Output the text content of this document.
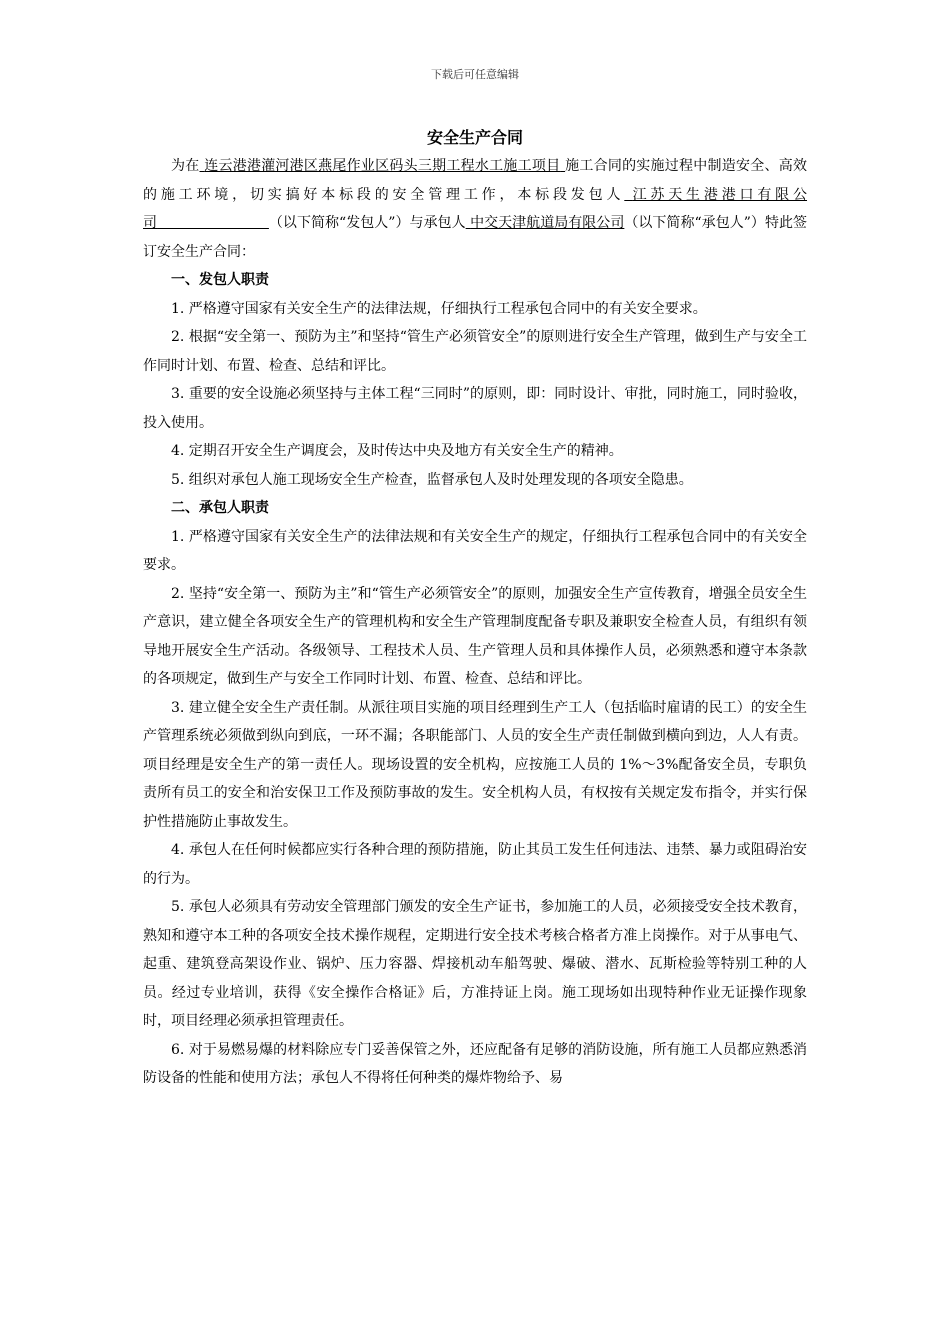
下载后可任意编辑
安全生产合同

为在 连云港港灌河港区燕尾作业区码头三期工程水工施工项目 施工合同的实施过程中制造安全、高效的施工环境，切实搞好本标段的安全管理工作，本标段发包人 江苏天生港港口有限公司	（以下简称“发包人”）与承包人 中交天津航道局有限公司（以下简称“承包人”）特此签订安全生产合同：

一、发包人职责

1. 严格遵守国家有关安全生产的法律法规，仔细执行工程承包合同中的有关安全要求。

2. 根据“安全第一、预防为主”和坚持“管生产必须管安全”的原则进行安全生产管理，做到生产与安全工作同时计划、布置、检查、总结和评比。

3. 重要的安全设施必须坚持与主体工程“三同时”的原则，即：同时设计、审批，同时施工，同时验收，投入使用。

4. 定期召开安全生产调度会，及时传达中央及地方有关安全生产的精神。

5. 组织对承包人施工现场安全生产检查，监督承包人及时处理发现的各项安全隐患。

二、承包人职责

1. 严格遵守国家有关安全生产的法律法规和有关安全生产的规定，仔细执行工程承包合同中的有关安全要求。

2. 坚持“安全第一、预防为主”和“管生产必须管安全”的原则，加强安全生产宣传教育，增强全员安全生产意识，建立健全各项安全生产的管理机构和安全生产管理制度配备专职及兼职安全检查人员，有组织有领导地开展安全生产活动。各级领导、工程技术人员、生产管理人员和具体操作人员，必须熟悉和遵守本条款的各项规定，做到生产与安全工作同时计划、布置、检查、总结和评比。

3. 建立健全安全生产责任制。从派往项目实施的项目经理到生产工人（包括临时雇请的民工）的安全生产管理系统必须做到纵向到底，一环不漏；各职能部门、人员的安全生产责任制做到横向到边，人人有责。项目经理是安全生产的第一责任人。现场设置的安全机构，应按施工人员的 1%～3%配备安全员，专职负责所有员工的安全和治安保卫工作及预防事故的发生。安全机构人员，有权按有关规定发布指令，并实行保护性措施防止事故发生。

4. 承包人在任何时候都应实行各种合理的预防措施，防止其员工发生任何违法、违禁、暴力或阻碍治安的行为。

5. 承包人必须具有劳动安全管理部门颁发的安全生产证书，参加施工的人员，必须接受安全技术教育，熟知和遵守本工种的各项安全技术操作规程，定期进行安全技术考核合格者方准上岗操作。对于从事电气、起重、建筑登高架设作业、锅炉、压力容器、焊接机动车船驾驶、爆破、潜水、瓦斯检验等特别工种的人员。经过专业培训，获得《安全操作合格证》后，方准持证上岗。施工现场如出现特种作业无证操作现象时，项目经理必须承担管理责任。

6. 对于易燃易爆的材料除应专门妥善保管之外，还应配备有足够的消防设施，所有施工人员都应熟悉消防设备的性能和使用方法；承包人不得将任何种类的爆炸物给予、易
